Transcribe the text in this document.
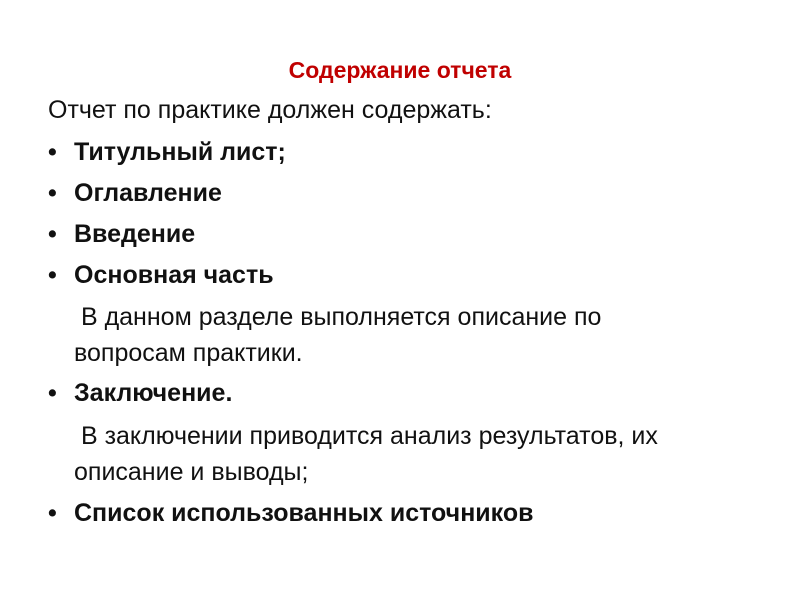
Содержание отчета
Отчет по практике должен содержать:
• Титульный лист;
• Оглавление
• Введение
• Основная часть
• Заключение.
• Список использованных источников
В данном разделе выполняется описание по
вопросам практики.
В заключении приводится анализ результатов, их
описание и выводы;
